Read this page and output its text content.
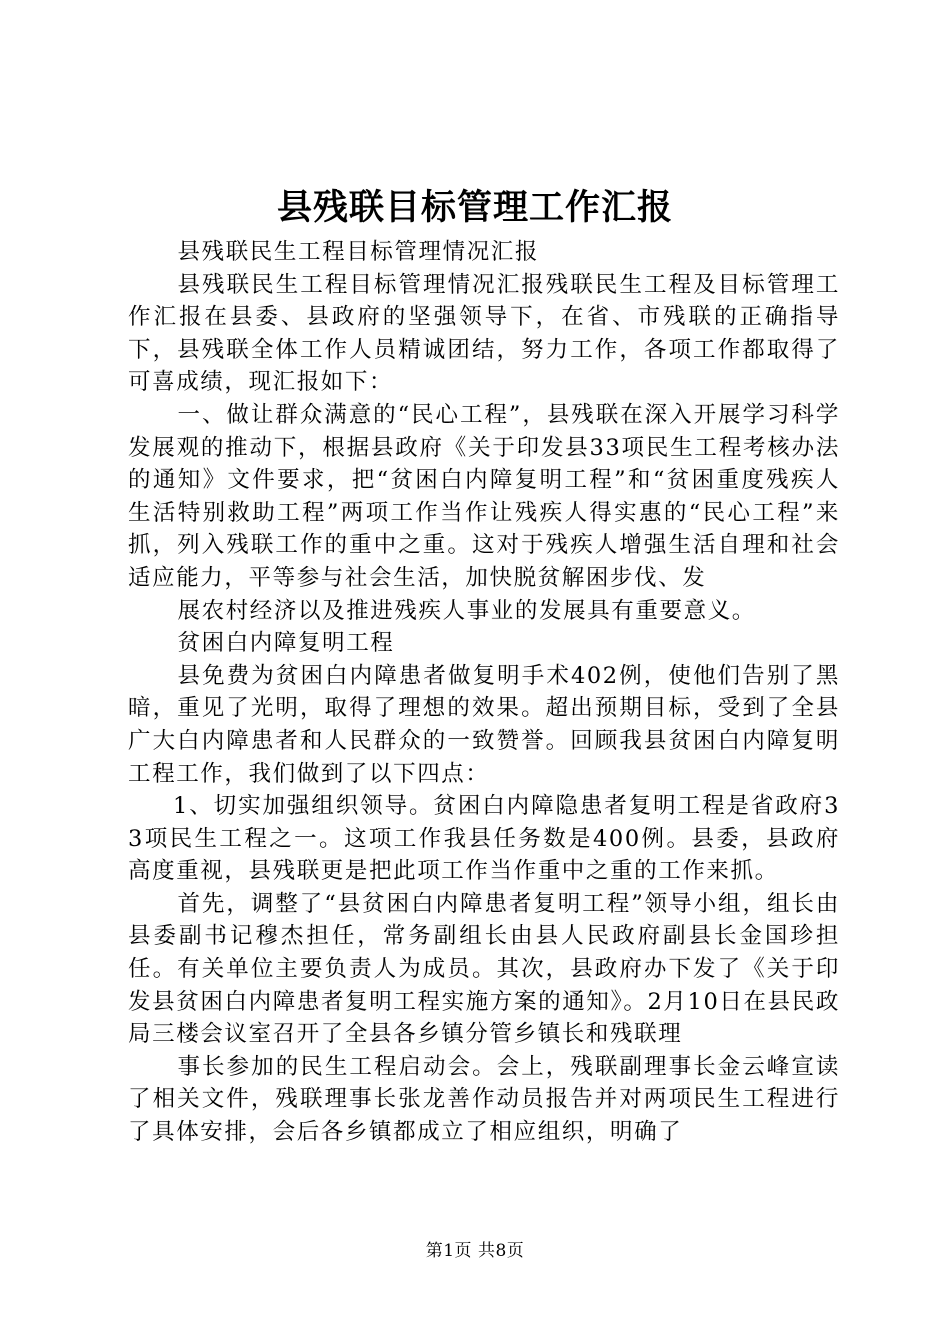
县残联目标管理工作汇报

县残联民生工程目标管理情况汇报

县残联民生工程目标管理情况汇报残联民生工程及目标管理工作汇报在县委、县政府的坚强领导下，在省、市残联的正确指导下，县残联全体工作人员精诚团结，努力工作，各项工作都取得了可喜成绩，现汇报如下：

一、做让群众满意的“民心工程”，县残联在深入开展学习科学发展观的推动下，根据县政府《关于印发县33项民生工程考核办法的通知》文件要求，把“贫困白内障复明工程”和“贫困重度残疾人生活特别救助工程”两项工作当作让残疾人得实惠的“民心工程”来抓，列入残联工作的重中之重。这对于残疾人增强生活自理和社会适应能力，平等参与社会生活，加快脱贫解困步伐、发

展农村经济以及推进残疾人事业的发展具有重要意义。

贫困白内障复明工程

县免费为贫困白内障患者做复明手术402例，使他们告别了黑暗，重见了光明，取得了理想的效果。超出预期目标，受到了全县广大白内障患者和人民群众的一致赞誉。回顾我县贫困白内障复明工程工作，我们做到了以下四点：

1、切实加强组织领导。贫困白内障隐患者复明工程是省政府33项民生工程之一。这项工作我县任务数是400例。县委，县政府高度重视，县残联更是把此项工作当作重中之重的工作来抓。

首先，调整了“县贫困白内障患者复明工程”领导小组，组长由县委副书记穆杰担任，常务副组长由县人民政府副县长金国珍担任。有关单位主要负责人为成员。其次，县政府办下发了《关于印发县贫困白内障患者复明工程实施方案的通知》。2月10日在县民政局三楼会议室召开了全县各乡镇分管乡镇长和残联理

事长参加的民生工程启动会。会上，残联副理事长金云峰宣读了相关文件，残联理事长张龙善作动员报告并对两项民生工程进行了具体安排，会后各乡镇都成立了相应组织，明确了

第1页 共8页
